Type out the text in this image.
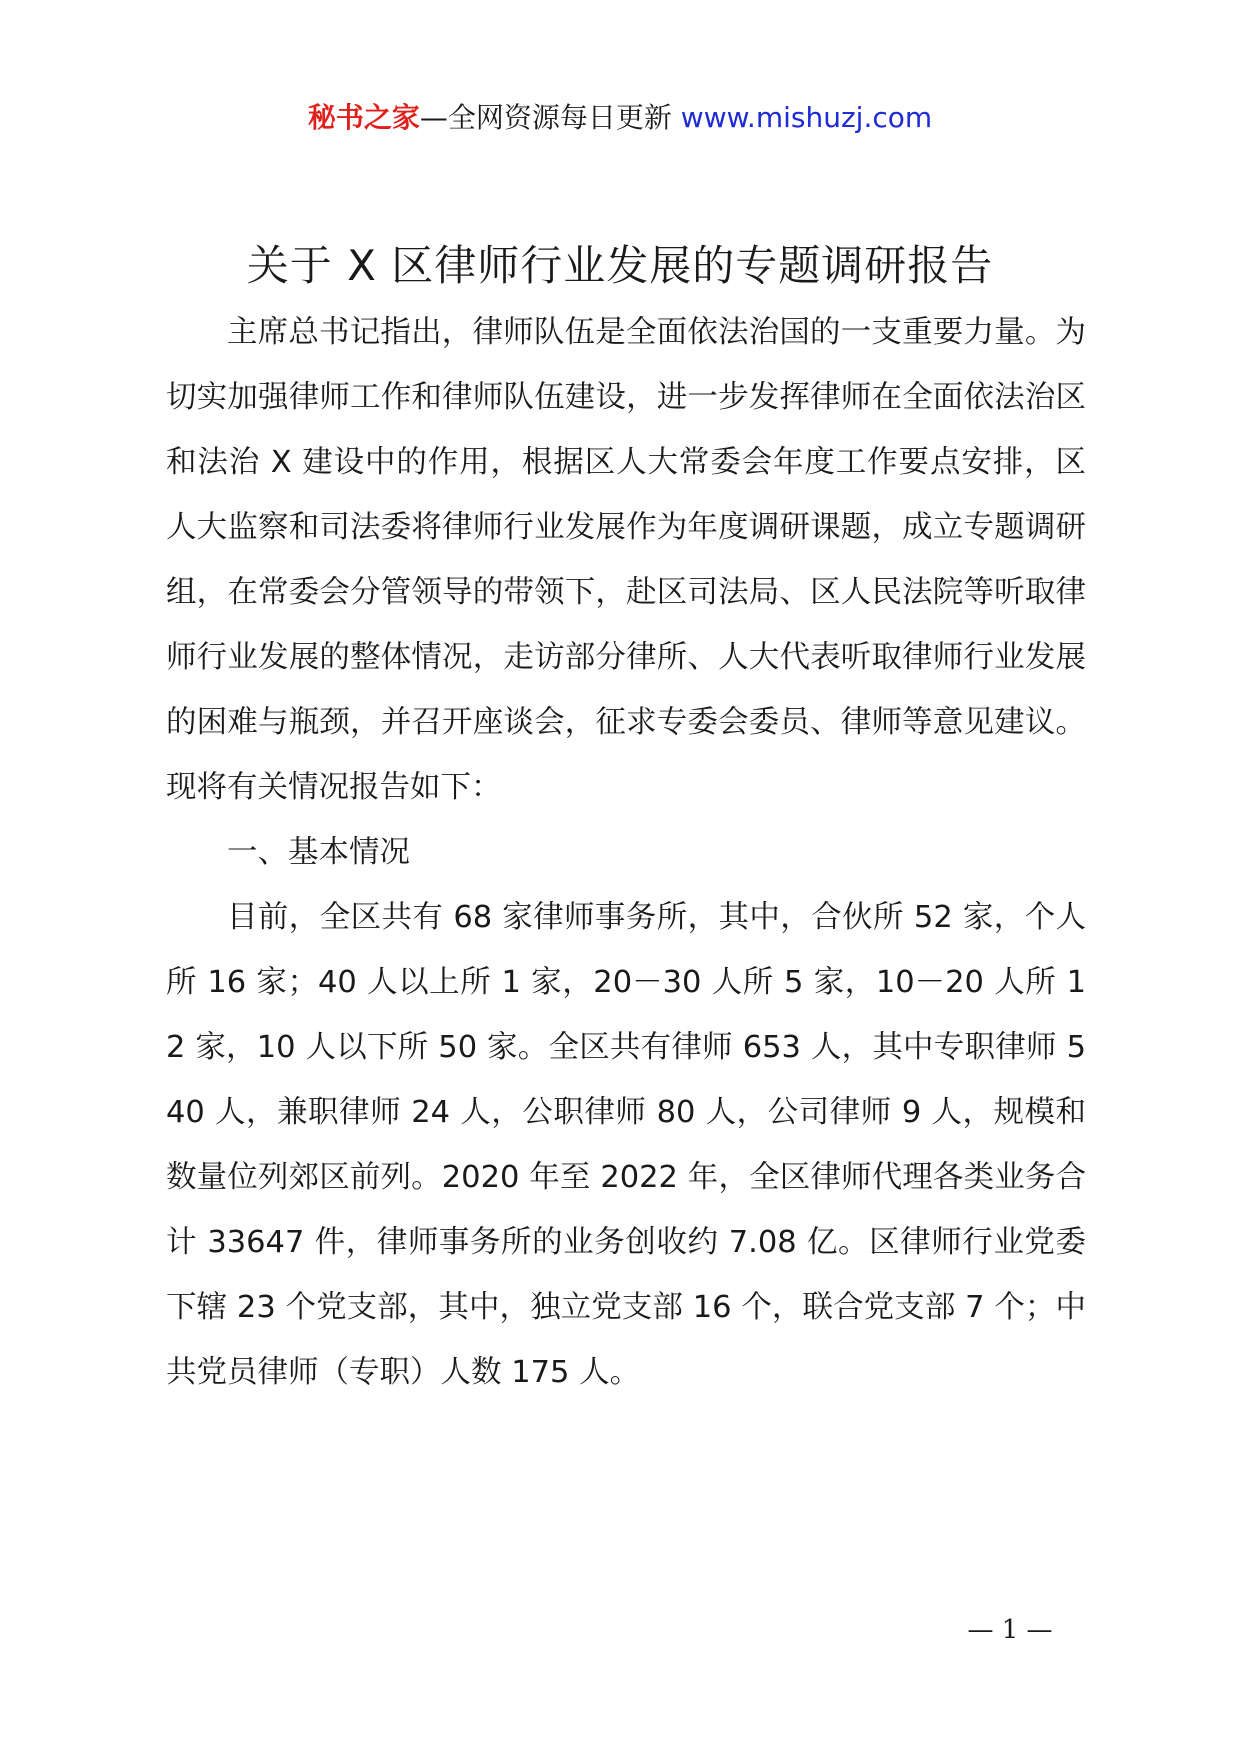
秘书之家—全网资源每日更新 www.mishuzj.com
关于 X 区律师行业发展的专题调研报告

主席总书记指出，律师队伍是全面依法治国的一支重要力量。为切实加强律师工作和律师队伍建设，进一步发挥律师在全面依法治区和法治 X 建设中的作用，根据区人大常委会年度工作要点安排，区人大监察和司法委将律师行业发展作为年度调研课题，成立专题调研组，在常委会分管领导的带领下，赴区司法局、区人民法院等听取律师行业发展的整体情况，走访部分律所、人大代表听取律师行业发展的困难与瓶颈，并召开座谈会，征求专委会委员、律师等意见建议。现将有关情况报告如下：

一、基本情况

目前，全区共有 68 家律师事务所，其中，合伙所 52 家，个人所 16 家；40 人以上所 1 家，20－30 人所 5 家，10－20 人所 12 家，10 人以下所 50 家。全区共有律师 653 人，其中专职律师 540 人，兼职律师 24 人，公职律师 80 人，公司律师 9 人，规模和数量位列郊区前列。2020 年至 2022 年，全区律师代理各类业务合计 33647 件，律师事务所的业务创收约 7.08 亿。区律师行业党委下辖 23 个党支部，其中，独立党支部 16 个，联合党支部 7 个；中共党员律师（专职）人数 175 人。

— 1 —
